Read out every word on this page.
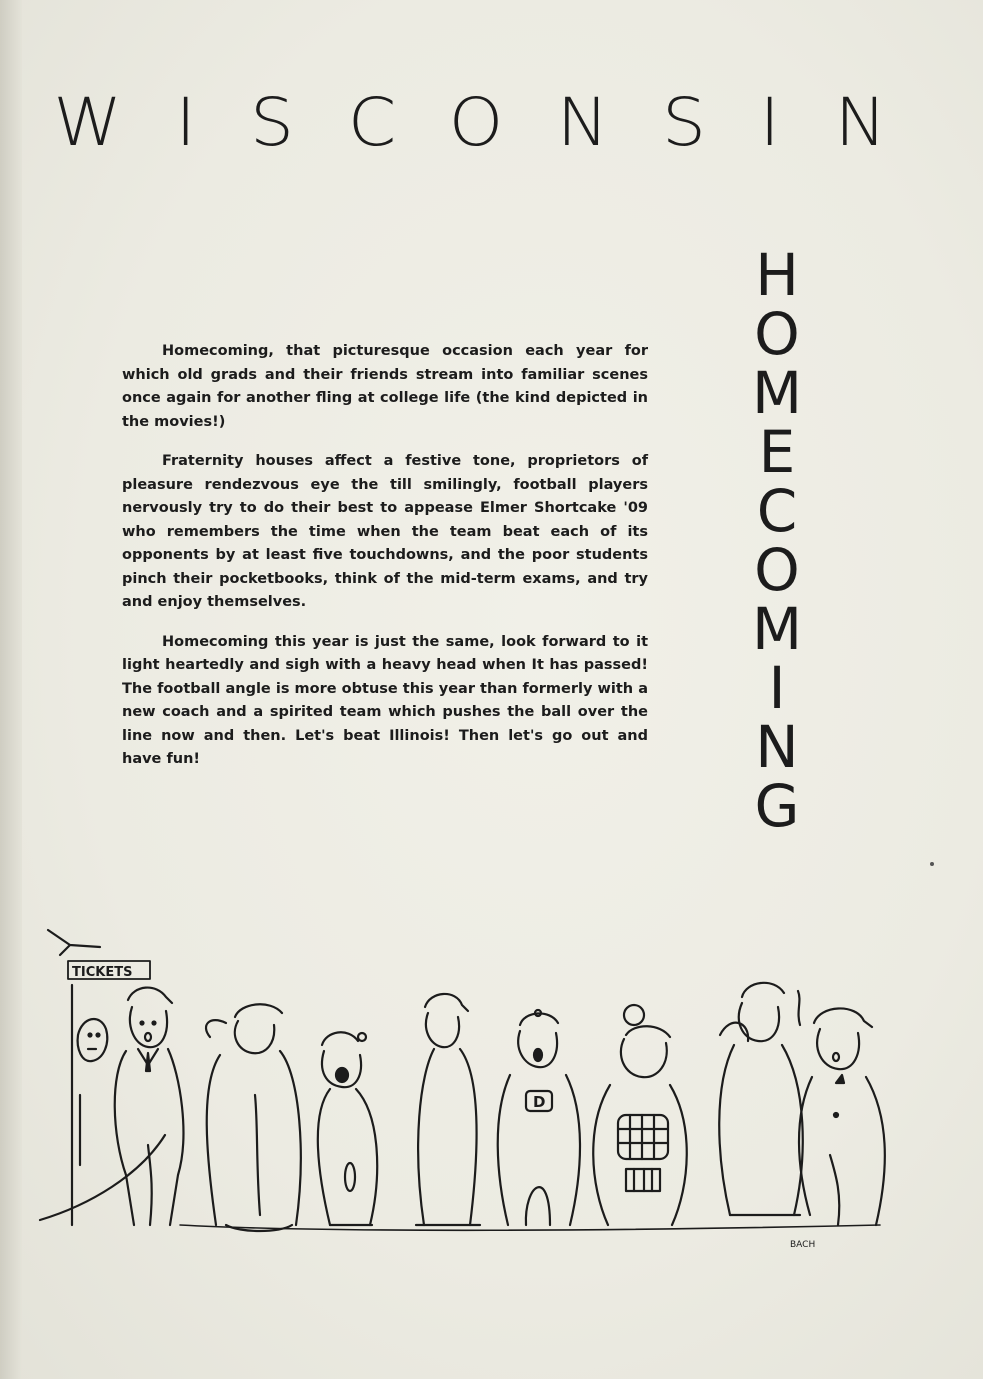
W I S C O N S I N
H
O
M
E
C
O
M
I
N
G

Homecoming, that picturesque occasion each year for which old grads and their friends stream into familiar scenes once again for another fling at college life (the kind depicted in the movies!)

Fraternity houses affect a festive tone, proprietors of pleasure rendezvous eye the till smilingly, football players nervously try to do their best to appease Elmer Shortcake '09 who remembers the time when the team beat each of its opponents by at least five touchdowns, and the poor students pinch their pocketbooks, think of the mid-term exams, and try and enjoy themselves.

Homecoming this year is just the same, look forward to it light heartedly and sigh with a heavy head when It has passed! The football angle is more obtuse this year than formerly with a new coach and a spirited team which pushes the ball over the line now and then. Let's beat Illinois! Then let's go out and have fun!

TICKETS
D
BACH
